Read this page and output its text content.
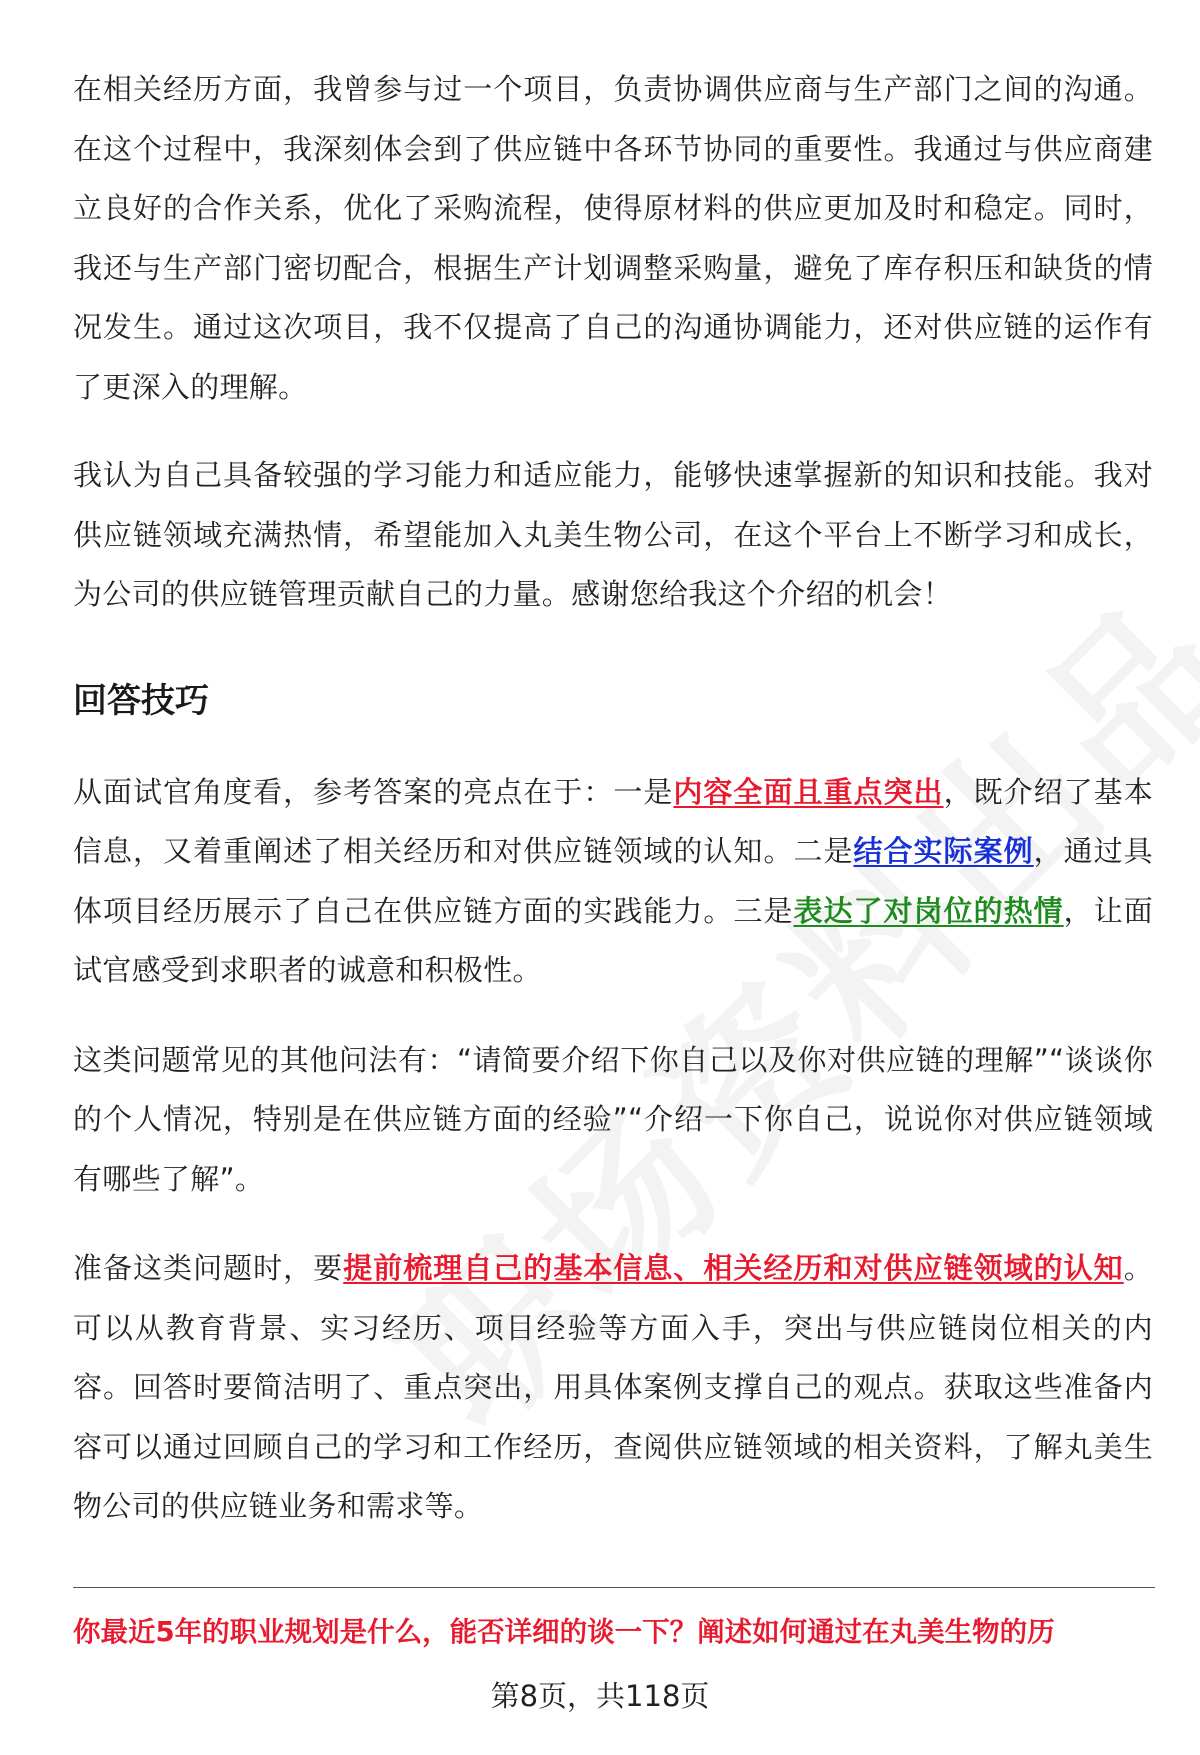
在相关经历方面，我曾参与过一个项目，负责协调供应商与生产部门之间的沟通。在这个过程中，我深刻体会到了供应链中各环节协同的重要性。我通过与供应商建立良好的合作关系，优化了采购流程，使得原材料的供应更加及时和稳定。同时，我还与生产部门密切配合，根据生产计划调整采购量，避免了库存积压和缺货的情况发生。通过这次项目，我不仅提高了自己的沟通协调能力，还对供应链的运作有了更深入的理解。

我认为自己具备较强的学习能力和适应能力，能够快速掌握新的知识和技能。我对供应链领域充满热情，希望能加入丸美生物公司，在这个平台上不断学习和成长，为公司的供应链管理贡献自己的力量。感谢您给我这个介绍的机会！

回答技巧

从面试官角度看，参考答案的亮点在于：一是内容全面且重点突出，既介绍了基本信息，又着重阐述了相关经历和对供应链领域的认知。二是结合实际案例，通过具体项目经历展示了自己在供应链方面的实践能力。三是表达了对岗位的热情，让面试官感受到求职者的诚意和积极性。

这类问题常见的其他问法有：“请简要介绍下你自己以及你对供应链的理解”“谈谈你的个人情况，特别是在供应链方面的经验”“介绍一下你自己，说说你对供应链领域有哪些了解”。

准备这类问题时，要提前梳理自己的基本信息、相关经历和对供应链领域的认知。可以从教育背景、实习经历、项目经验等方面入手，突出与供应链岗位相关的内容。回答时要简洁明了、重点突出，用具体案例支撑自己的观点。获取这些准备内容可以通过回顾自己的学习和工作经历，查阅供应链领域的相关资料，了解丸美生物公司的供应链业务和需求等。

你最近5年的职业规划是什么，能否详细的谈一下？阐述如何通过在丸美生物的历
第8页，共118页
